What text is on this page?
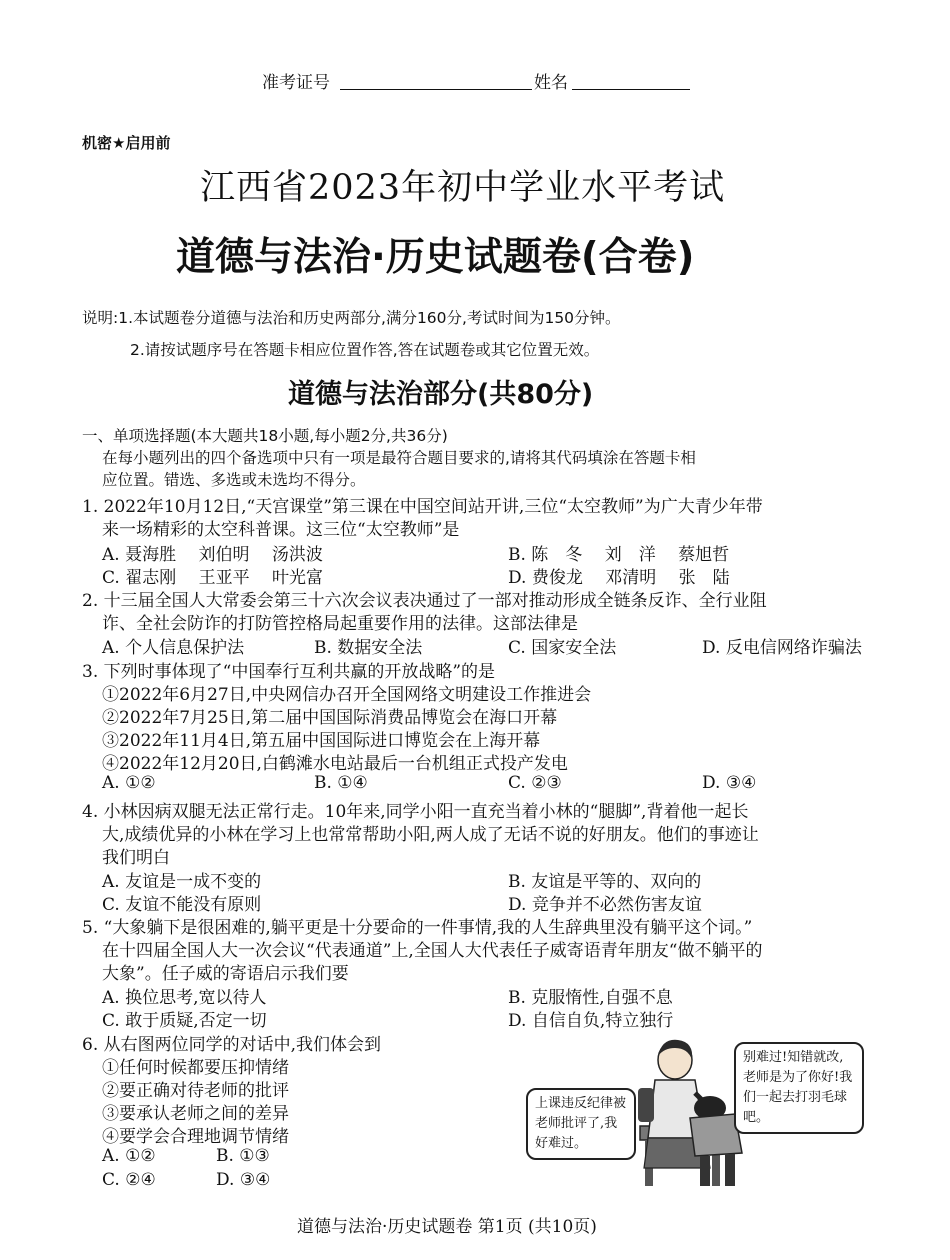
准考证号	姓名
机密★启用前
江西省2023年初中学业水平考试
道德与法治·历史试题卷(合卷)
说明:1.本试题卷分道德与法治和历史两部分,满分160分,考试时间为150分钟。
2.请按试题序号在答题卡相应位置作答,答在试题卷或其它位置无效。
道德与法治部分(共80分)
一、单项选择题(本大题共18小题,每小题2分,共36分)
在每小题列出的四个备选项中只有一项是最符合题目要求的,请将其代码填涂在答题卡相
应位置。错选、多选或未选均不得分。
1. 2022年10月12日,“天宫课堂”第三课在中国空间站开讲,三位“太空教师”为广大青少年带
来一场精彩的太空科普课。这三位“太空教师”是
A. 聂海胜　 刘伯明　 汤洪波	B. 陈　冬　 刘　洋　 蔡旭哲
C. 翟志刚　 王亚平　 叶光富	D. 费俊龙　 邓清明　 张　陆
2. 十三届全国人大常委会第三十六次会议表决通过了一部对推动形成全链条反诈、全行业阻
诈、全社会防诈的打防管控格局起重要作用的法律。这部法律是
A. 个人信息保护法	B. 数据安全法	C. 国家安全法	D. 反电信网络诈骗法
3. 下列时事体现了“中国奉行互利共赢的开放战略”的是
①2022年6月27日,中央网信办召开全国网络文明建设工作推进会
②2022年7月25日,第二届中国国际消费品博览会在海口开幕
③2022年11月4日,第五届中国国际进口博览会在上海开幕
④2022年12月20日,白鹤滩水电站最后一台机组正式投产发电
A. ①②	B. ①④	C. ②③	D. ③④
4. 小林因病双腿无法正常行走。10年来,同学小阳一直充当着小林的“腿脚”,背着他一起长
大,成绩优异的小林在学习上也常常帮助小阳,两人成了无话不说的好朋友。他们的事迹让
我们明白
A. 友谊是一成不变的	B. 友谊是平等的、双向的
C. 友谊不能没有原则	D. 竞争并不必然伤害友谊
5. “大象躺下是很困难的,躺平更是十分要命的一件事情,我的人生辞典里没有躺平这个词。”
在十四届全国人大一次会议“代表通道”上,全国人大代表任子威寄语青年朋友“做不躺平的
大象”。任子威的寄语启示我们要
A. 换位思考,宽以待人	B. 克服惰性,自强不息
C. 敢于质疑,否定一切	D. 自信自负,特立独行
6. 从右图两位同学的对话中,我们体会到
①任何时候都要压抑情绪
②要正确对待老师的批评
③要承认老师之间的差异
④要学会合理地调节情绪
A. ①②	B. ①③
C. ②④	D. ③④
上课违反纪律被老师批评了,我好难过。
别难过!知错就改,老师是为了你好!我们一起去打羽毛球吧。
道德与法治·历史试题卷 第1页 (共10页)
